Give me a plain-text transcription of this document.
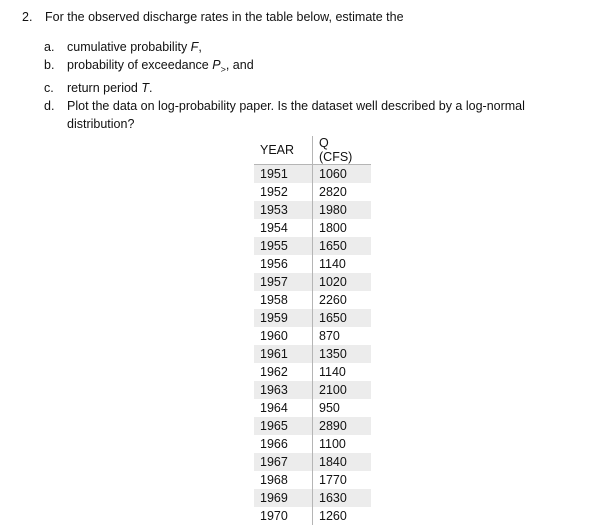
2. For the observed discharge rates in the table below, estimate the
a. cumulative probability F,
b. probability of exceedance $P_>$, and
c. return period T.
d. Plot the data on log-probability paper. Is the dataset well described by a log-normal
distribution?
YEAR	Q (CFS)
1951	1060
1952	2820
1953	1980
1954	1800
1955	1650
1956	1140
1957	1020
1958	2260
1959	1650
1960	870
1961	1350
1962	1140
1963	2100
1964	950
1965	2890
1966	1100
1967	1840
1968	1770
1969	1630
1970	1260
